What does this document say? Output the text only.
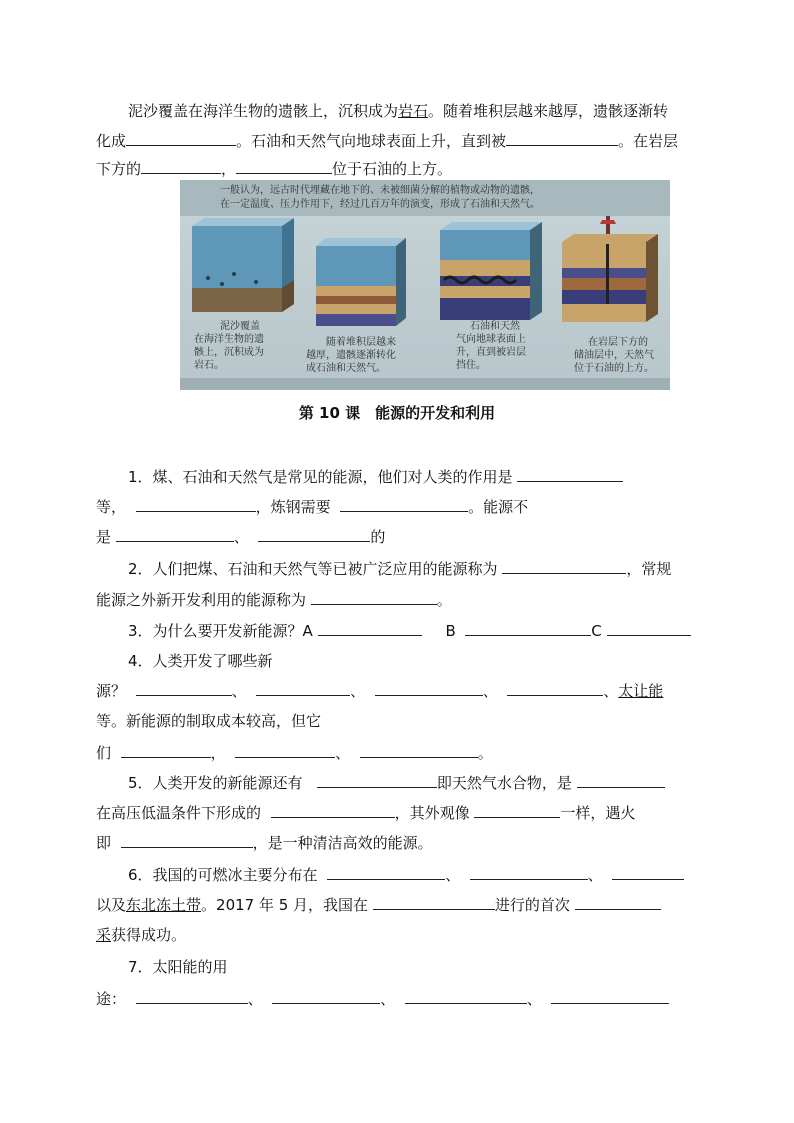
泥沙覆盖在海洋生物的遗骸上，沉积成为岩石。随着堆积层越来越厚，遗骸逐渐转
化成	。石油和天然气向地球表面上升，直到被	。在岩层
下方的	，	位于石油的上方。
一般认为，远古时代埋藏在地下的、未被细菌分解的植物或动物的遗骸，
在一定温度、压力作用下，经过几百万年的演变，形成了石油和天然气。
泥沙覆盖
在海洋生物的遗
骸上，沉积成为
岩石。
随着堆积层越来
越厚，遗骸逐渐转化
成石油和天然气。
石油和天然
气向地球表面上
升，直到被岩层
挡住。
在岩层下方的
储油层中，天然气
位于石油的上方。
第 10 课　能源的开发和利用
1．煤、石油和天然气是常见的能源，他们对人类的作用是
等，	，炼钢需要	。能源不
是	、	的
2．人们把煤、石油和天然气等已被广泛应用的能源称为	，常规
能源之外新开发利用的能源称为	。
3．为什么要开发新能源？A	B	C
4．人类开发了哪些新
源？	、	、	、	、太让能
等。新能源的制取成本较高，但它
们	，	、	。
5．人类开发的新能源还有	即天然气水合物，是
在高压低温条件下形成的	，其外观像	一样，遇火
即	，是一种清洁高效的能源。
6．我国的可燃冰主要分布在	、	、
以及东北冻土带。2017 年 5 月，我国在	进行的首次
采获得成功。
7．太阳能的用
途：	、	、	、
